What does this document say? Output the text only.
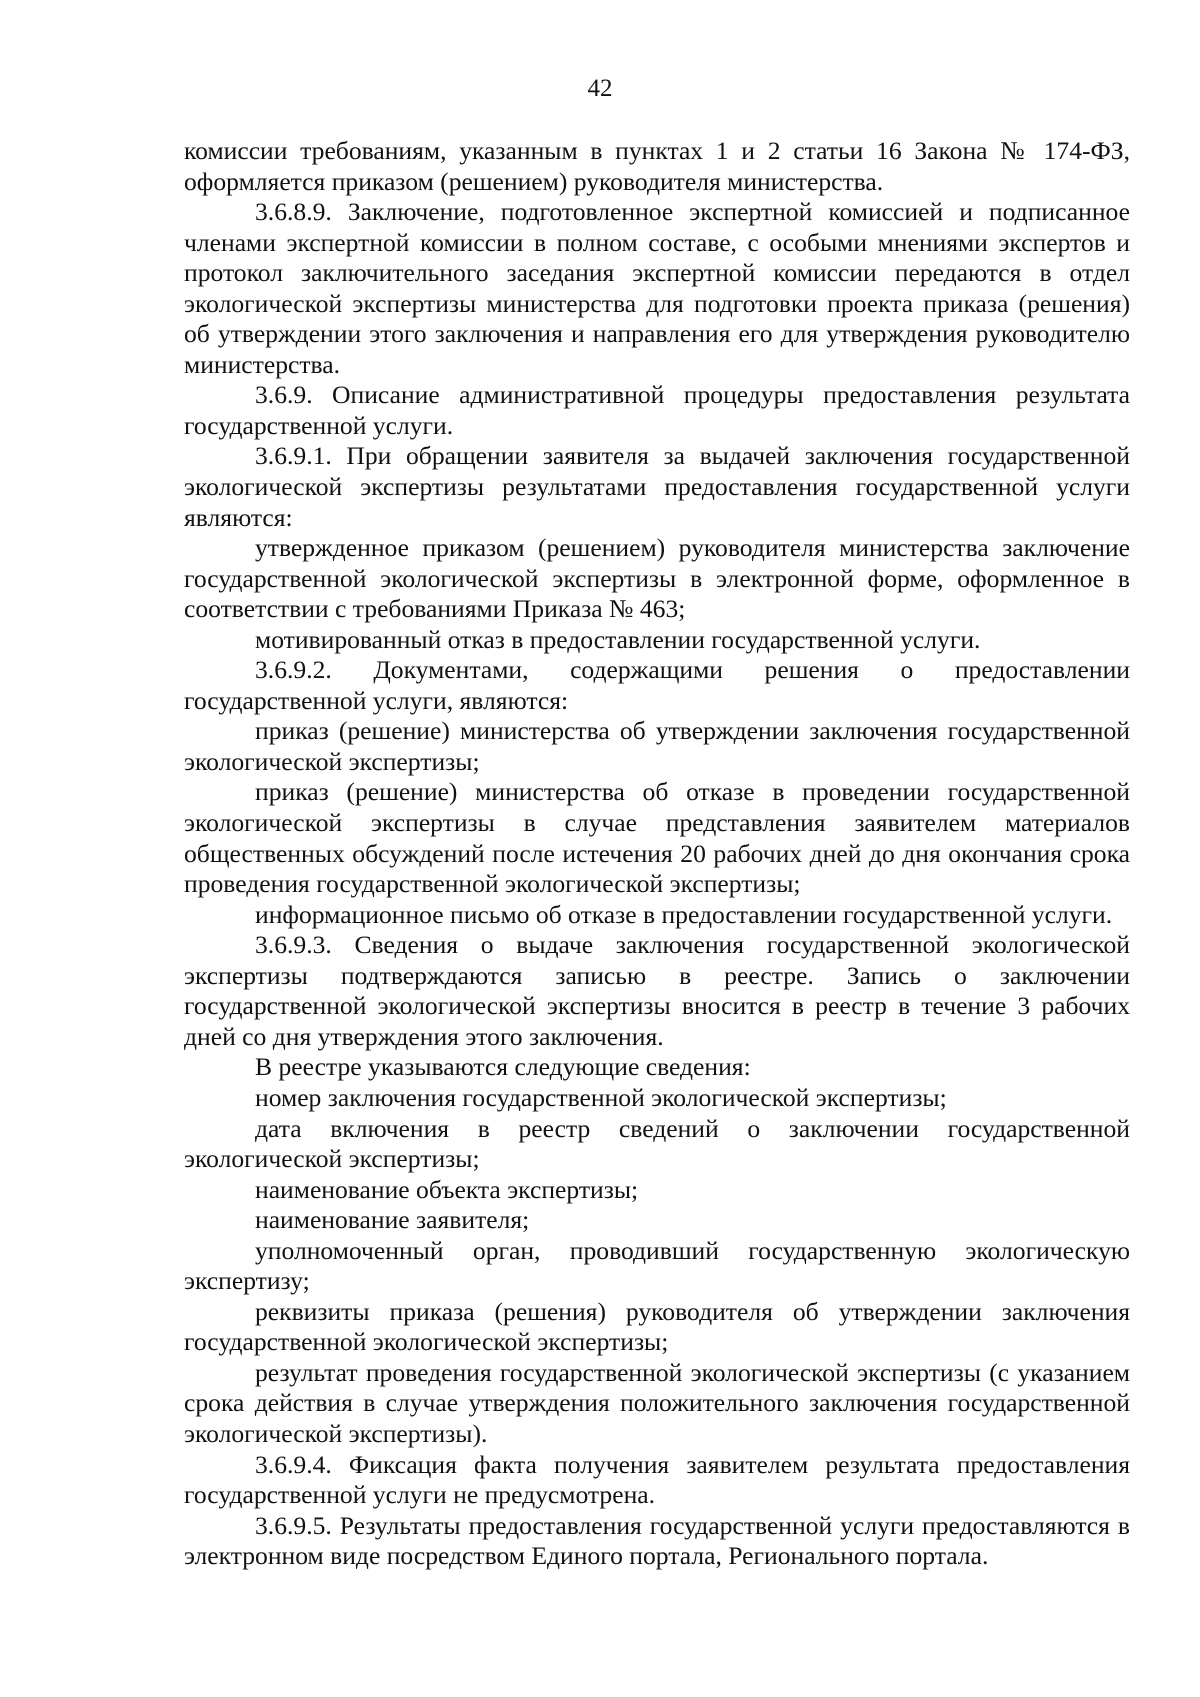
42

комиссии требованиям, указанным в пунктах 1 и 2 статьи 16 Закона № 174-ФЗ, оформляется приказом (решением) руководителя министерства.

3.6.8.9. Заключение, подготовленное экспертной комиссией и подписанное членами экспертной комиссии в полном составе, с особыми мнениями экспертов и протокол заключительного заседания экспертной комиссии передаются в отдел экологической экспертизы министерства для подготовки проекта приказа (решения) об утверждении этого заключения и направления его для утверждения руководителю министерства.

3.6.9. Описание административной процедуры предоставления результата государственной услуги.

3.6.9.1. При обращении заявителя за выдачей заключения государственной экологической экспертизы результатами предоставления государственной услуги являются:

утвержденное приказом (решением) руководителя министерства заключение государственной экологической экспертизы в электронной форме, оформленное в соответствии с требованиями Приказа № 463;

мотивированный отказ в предоставлении государственной услуги.

3.6.9.2. Документами, содержащими решения о предоставлении государственной услуги, являются:

приказ (решение) министерства об утверждении заключения государственной экологической экспертизы;

приказ (решение) министерства об отказе в проведении государственной экологической экспертизы в случае представления заявителем материалов общественных обсуждений после истечения 20 рабочих дней до дня окончания срока проведения государственной экологической экспертизы;

информационное письмо об отказе в предоставлении государственной услуги.

3.6.9.3. Сведения о выдаче заключения государственной экологической экспертизы подтверждаются записью в реестре. Запись о заключении государственной экологической экспертизы вносится в реестр в течение 3 рабочих дней со дня утверждения этого заключения.

В реестре указываются следующие сведения:

номер заключения государственной экологической экспертизы;

дата включения в реестр сведений о заключении государственной экологической экспертизы;

наименование объекта экспертизы;

наименование заявителя;

уполномоченный орган, проводивший государственную экологическую экспертизу;

реквизиты приказа (решения) руководителя об утверждении заключения государственной экологической экспертизы;

результат проведения государственной экологической экспертизы (с указанием срока действия в случае утверждения положительного заключения государственной экологической экспертизы).

3.6.9.4. Фиксация факта получения заявителем результата предоставления государственной услуги не предусмотрена.

3.6.9.5. Результаты предоставления государственной услуги предоставляются в электронном виде посредством Единого портала, Регионального портала.
